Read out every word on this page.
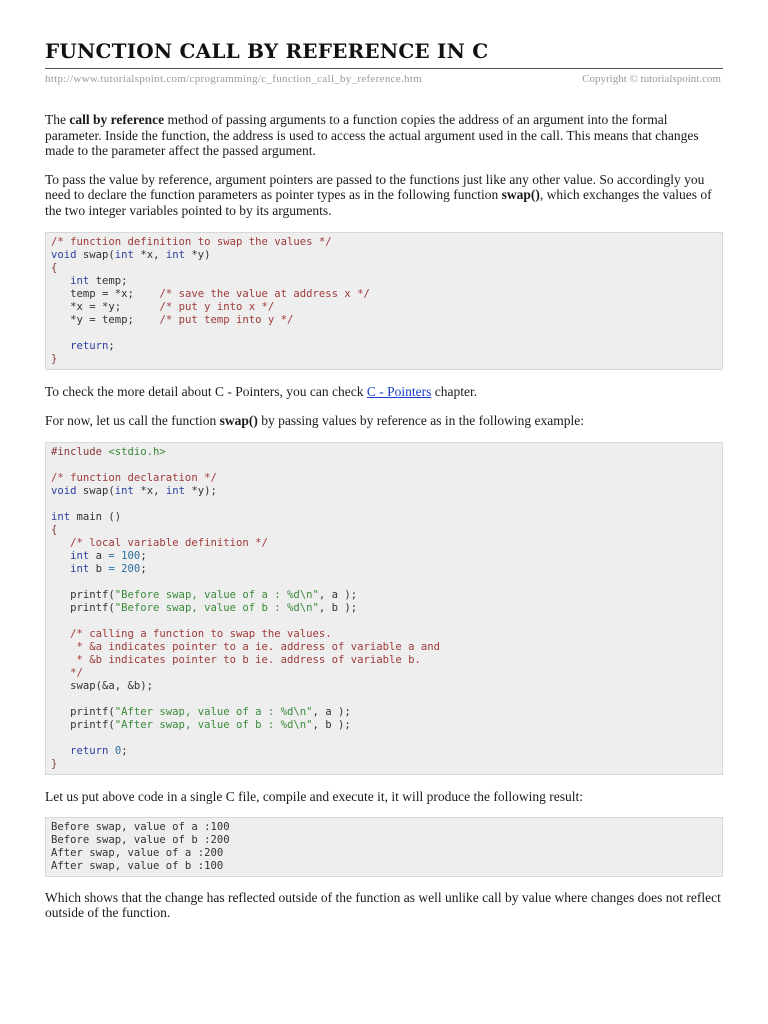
FUNCTION CALL BY REFERENCE IN C
http://www.tutorialspoint.com/cprogramming/c_function_call_by_reference.htm	Copyright © tutorialspoint.com

The call by reference method of passing arguments to a function copies the address of an argument into the formal parameter. Inside the function, the address is used to access the actual argument used in the call. This means that changes made to the parameter affect the passed argument.

To pass the value by reference, argument pointers are passed to the functions just like any other value. So accordingly you need to declare the function parameters as pointer types as in the following function swap(), which exchanges the values of the two integer variables pointed to by its arguments.

/* function definition to swap the values */
void swap(int *x, int *y)
{
int temp;
temp = *x;    /* save the value at address x */
*x = *y;      /* put y into x */
*y = temp;    /* put temp into y */

return;
}

To check the more detail about C - Pointers, you can check C - Pointers chapter.

For now, let us call the function swap() by passing values by reference as in the following example:

#include <stdio.h>

/* function declaration */
void swap(int *x, int *y);

int main ()
{
/* local variable definition */
int a = 100;
int b = 200;

printf("Before swap, value of a : %d\n", a );
printf("Before swap, value of b : %d\n", b );

/* calling a function to swap the values.
* &a indicates pointer to a ie. address of variable a and
* &b indicates pointer to b ie. address of variable b.
*/
swap(&a, &b);

printf("After swap, value of a : %d\n", a );
printf("After swap, value of b : %d\n", b );

return 0;
}

Let us put above code in a single C file, compile and execute it, it will produce the following result:

Before swap, value of a :100
Before swap, value of b :200
After swap, value of a :200
After swap, value of b :100

Which shows that the change has reflected outside of the function as well unlike call by value where changes does not reflect outside of the function.
